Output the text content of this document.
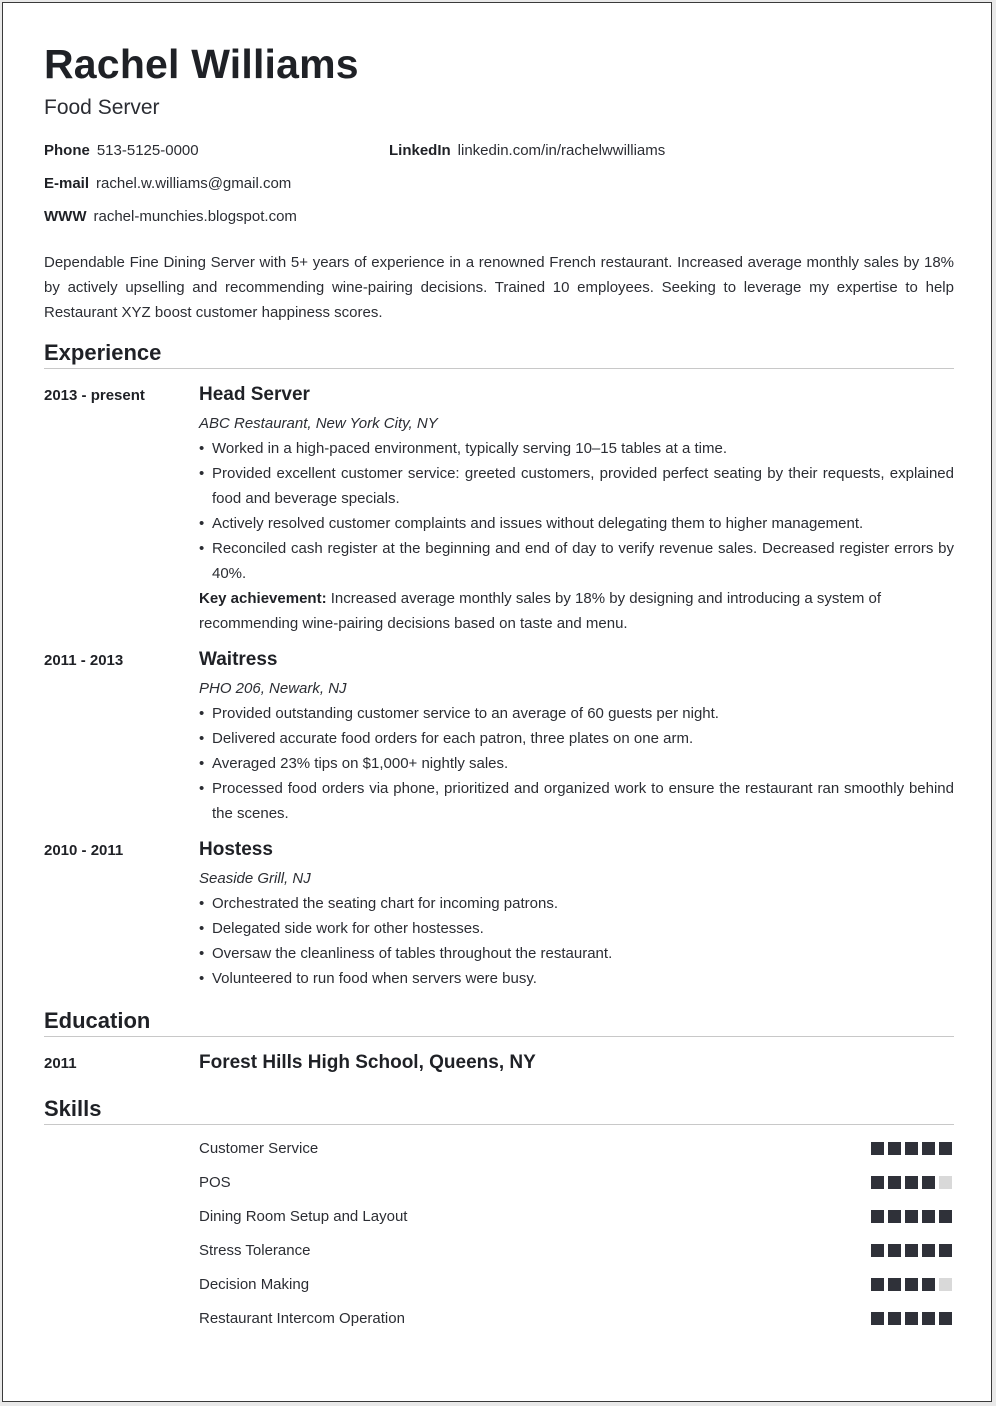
Rachel Williams
Food Server
Phone 513-5125-0000	LinkedIn linkedin.com/in/rachelwwilliams
E-mail rachel.w.williams@gmail.com
WWW rachel-munchies.blogspot.com
Dependable Fine Dining Server with 5+ years of experience in a renowned French restaurant. Increased average monthly sales by 18% by actively upselling and recommending wine-pairing decisions. Trained 10 employees. Seeking to leverage my expertise to help Restaurant XYZ boost customer happiness scores.
Experience
2013 - present	Head Server
ABC Restaurant, New York City, NY
• Worked in a high-paced environment, typically serving 10–15 tables at a time.
• Provided excellent customer service: greeted customers, provided perfect seating by their requests, explained food and beverage specials.
• Actively resolved customer complaints and issues without delegating them to higher management.
• Reconciled cash register at the beginning and end of day to verify revenue sales. Decreased register errors by 40%.
Key achievement: Increased average monthly sales by 18% by designing and introducing a system of recommending wine-pairing decisions based on taste and menu.
2011 - 2013	Waitress
PHO 206, Newark, NJ
• Provided outstanding customer service to an average of 60 guests per night.
• Delivered accurate food orders for each patron, three plates on one arm.
• Averaged 23% tips on $1,000+ nightly sales.
• Processed food orders via phone, prioritized and organized work to ensure the restaurant ran smoothly behind the scenes.
2010 - 2011	Hostess
Seaside Grill, NJ
• Orchestrated the seating chart for incoming patrons.
• Delegated side work for other hostesses.
• Oversaw the cleanliness of tables throughout the restaurant.
• Volunteered to run food when servers were busy.
Education
2011	Forest Hills High School, Queens, NY
Skills
Customer Service
POS
Dining Room Setup and Layout
Stress Tolerance
Decision Making
Restaurant Intercom Operation
